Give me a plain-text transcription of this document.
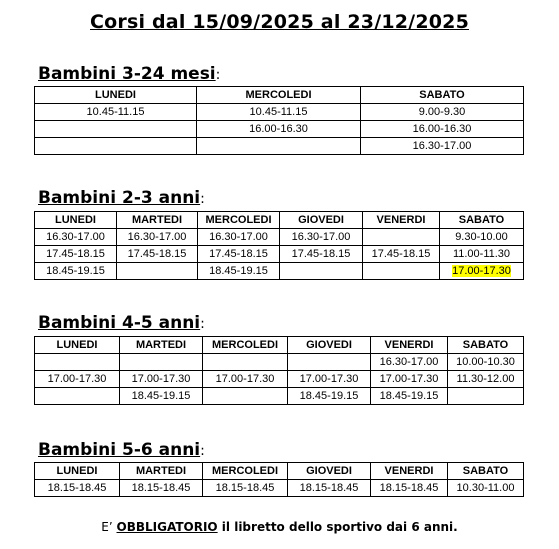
Corsi dal 15/09/2025 al 23/12/2025
Bambini 3-24 mesi:
LUNEDI	MERCOLEDI	SABATO
10.45-11.15	10.45-11.15	9.00-9.30
	16.00-16.30	16.00-16.30
		16.30-17.00
Bambini 2-3 anni:
LUNEDI	MARTEDI	MERCOLEDI	GIOVEDI	VENERDI	SABATO
16.30-17.00	16.30-17.00	16.30-17.00	16.30-17.00		9.30-10.00
17.45-18.15	17.45-18.15	17.45-18.15	17.45-18.15	17.45-18.15	11.00-11.30
18.45-19.15		18.45-19.15			17.00-17.30
Bambini 4-5 anni:
LUNEDI	MARTEDI	MERCOLEDI	GIOVEDI	VENERDI	SABATO
				16.30-17.00	10.00-10.30
17.00-17.30	17.00-17.30	17.00-17.30	17.00-17.30	17.00-17.30	11.30-12.00
	18.45-19.15		18.45-19.15	18.45-19.15	
Bambini 5-6 anni:
LUNEDI	MARTEDI	MERCOLEDI	GIOVEDI	VENERDI	SABATO
18.15-18.45	18.15-18.45	18.15-18.45	18.15-18.45	18.15-18.45	10.30-11.00
E’ OBBLIGATORIO il libretto dello sportivo dai 6 anni.
